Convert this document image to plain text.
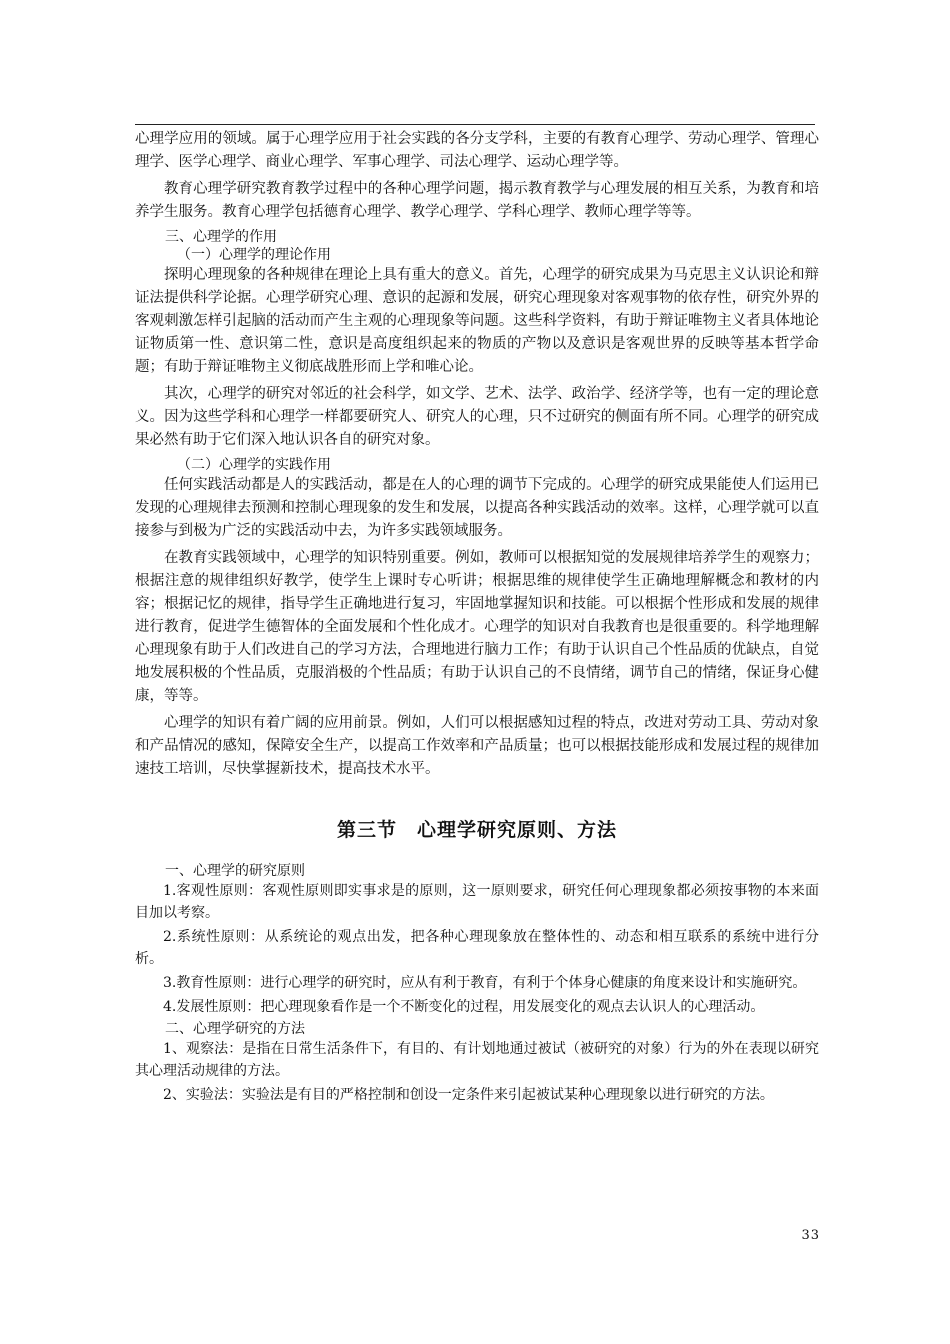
心理学应用的领域。属于心理学应用于社会实践的各分支学科，主要的有教育心理学、劳动心理学、管理心理学、医学心理学、商业心理学、军事心理学、司法心理学、运动心理学等。

教育心理学研究教育教学过程中的各种心理学问题，揭示教育教学与心理发展的相互关系，为教育和培养学生服务。教育心理学包括德育心理学、教学心理学、学科心理学、教师心理学等等。

三、心理学的作用
（一）心理学的理论作用

探明心理现象的各种规律在理论上具有重大的意义。首先，心理学的研究成果为马克思主义认识论和辩证法提供科学论据。心理学研究心理、意识的起源和发展，研究心理现象对客观事物的依存性，研究外界的客观刺激怎样引起脑的活动而产生主观的心理现象等问题。这些科学资料，有助于辩证唯物主义者具体地论证物质第一性、意识第二性，意识是高度组织起来的物质的产物以及意识是客观世界的反映等基本哲学命题；有助于辩证唯物主义彻底战胜形而上学和唯心论。

其次，心理学的研究对邻近的社会科学，如文学、艺术、法学、政治学、经济学等，也有一定的理论意义。因为这些学科和心理学一样都要研究人、研究人的心理，只不过研究的侧面有所不同。心理学的研究成果必然有助于它们深入地认识各自的研究对象。

（二）心理学的实践作用

任何实践活动都是人的实践活动，都是在人的心理的调节下完成的。心理学的研究成果能使人们运用已发现的心理规律去预测和控制心理现象的发生和发展，以提高各种实践活动的效率。这样，心理学就可以直接参与到极为广泛的实践活动中去，为许多实践领域服务。

在教育实践领域中，心理学的知识特别重要。例如，教师可以根据知觉的发展规律培养学生的观察力；根据注意的规律组织好教学，使学生上课时专心听讲；根据思维的规律使学生正确地理解概念和教材的内容；根据记忆的规律，指导学生正确地进行复习，牢固地掌握知识和技能。可以根据个性形成和发展的规律进行教育，促进学生德智体的全面发展和个性化成才。心理学的知识对自我教育也是很重要的。科学地理解心理现象有助于人们改进自己的学习方法，合理地进行脑力工作；有助于认识自己个性品质的优缺点，自觉地发展积极的个性品质，克服消极的个性品质；有助于认识自己的不良情绪，调节自己的情绪，保证身心健康，等等。

心理学的知识有着广阔的应用前景。例如，人们可以根据感知过程的特点，改进对劳动工具、劳动对象和产品情况的感知，保障安全生产，以提高工作效率和产品质量；也可以根据技能形成和发展过程的规律加速技工培训，尽快掌握新技术，提高技术水平。

第三节　心理学研究原则、方法
一、心理学的研究原则

1.客观性原则：客观性原则即实事求是的原则，这一原则要求，研究任何心理现象都必须按事物的本来面目加以考察。

2.系统性原则：从系统论的观点出发，把各种心理现象放在整体性的、动态和相互联系的系统中进行分析。

3.教育性原则：进行心理学的研究时，应从有利于教育，有利于个体身心健康的角度来设计和实施研究。

4.发展性原则：把心理现象看作是一个不断变化的过程，用发展变化的观点去认识人的心理活动。

二、心理学研究的方法

1、观察法：是指在日常生活条件下，有目的、有计划地通过被试（被研究的对象）行为的外在表现以研究其心理活动规律的方法。

2、实验法：实验法是有目的严格控制和创设一定条件来引起被试某种心理现象以进行研究的方法。

33
